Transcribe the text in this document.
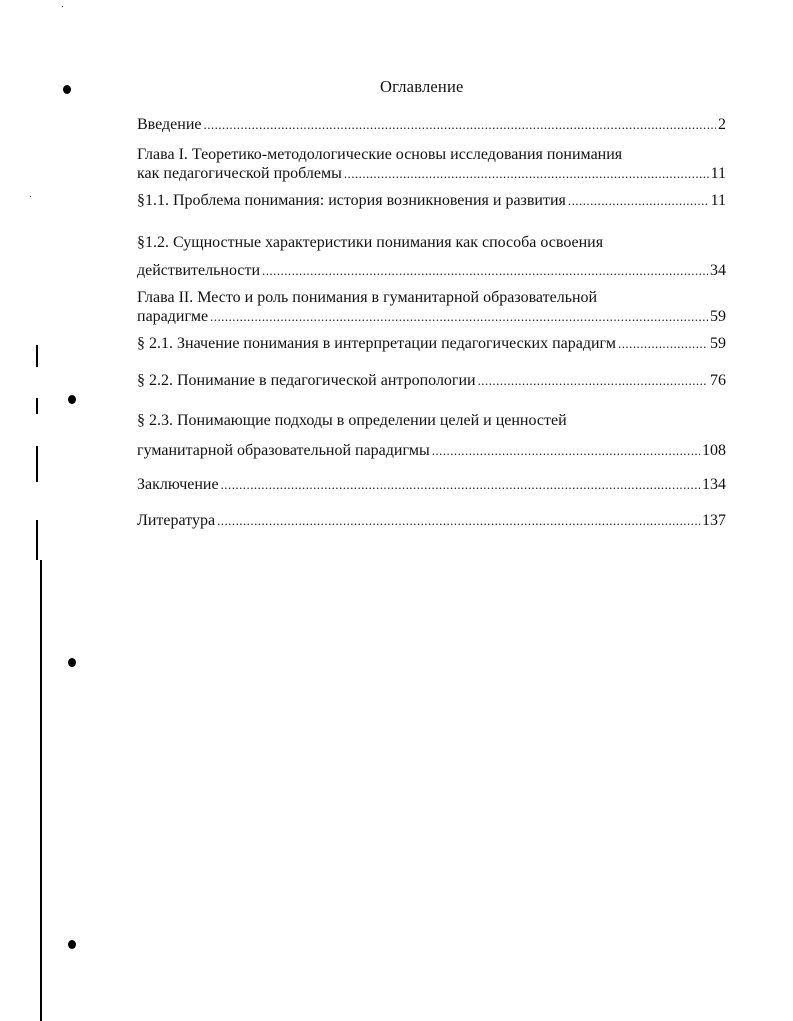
Оглавление
Введение . . .	2
Глава I. Теоретико-методологические основы исследования понимания
как педагогической проблемы . . .	11
§1.1. Проблема понимания: история возникновения и развития . . .	11
§1.2. Сущностные характеристики понимания как способа освоения
действительности . . .	34
Глава II. Место и роль понимания в гуманитарной образовательной
парадигме . . .	59
§ 2.1. Значение понимания в интерпретации педагогических парадигм . . .	59
§ 2.2. Понимание в педагогической антропологии . . .	76
§ 2.3. Понимающие подходы в определении целей и ценностей
гуманитарной образовательной парадигмы . . .	108
Заключение . . .	134
Литература . . .	137
